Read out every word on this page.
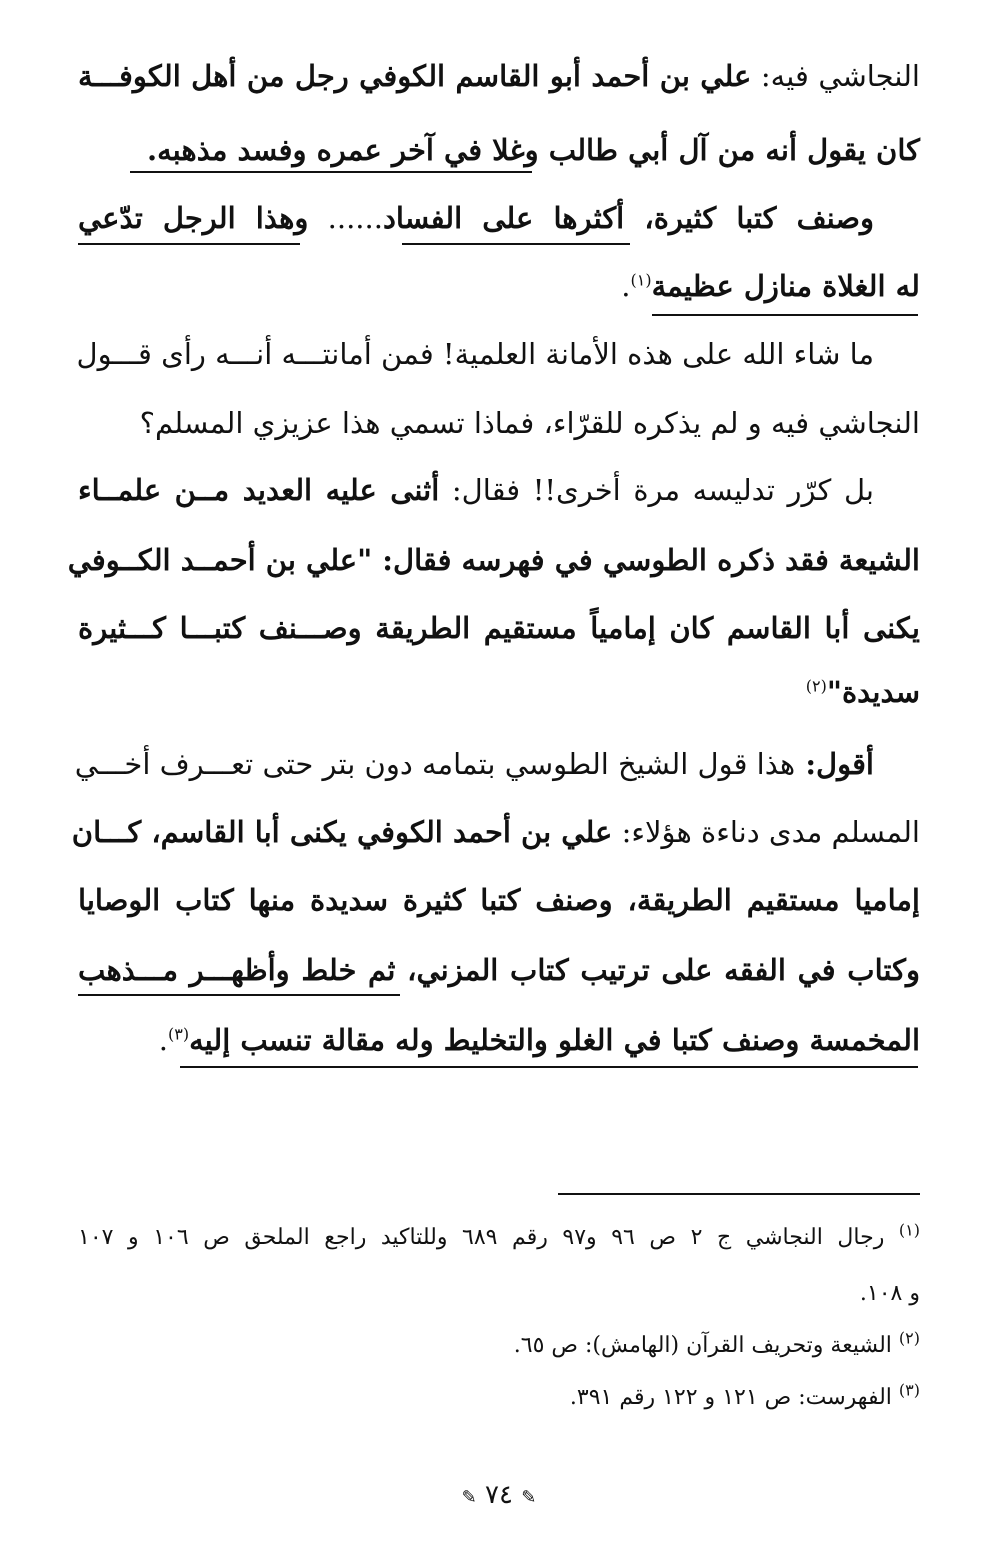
النجاشي فيه: علي بن أحمد أبو القاسم الكوفي رجل من أهل الكوفـــة
كان يقول أنه من آل أبي طالب وغلا في آخر عمره وفسد مذهبه.
وصنف كتبا كثيرة، أكثرها على الفساد...... وهذا الرجل تدّعي
له الغلاة منازل عظيمة$^{(١)}$.
ما شاء الله على هذه الأمانة العلمية! فمن أمانتـــه أنـــه رأى قـــول
النجاشي فيه و لم يذكره للقرّاء، فماذا تسمي هذا عزيزي المسلم؟
بل كرّر تدليسه مرة أخرى!! فقال: أثنى عليه العديد مــن علمــاء
الشيعة فقد ذكره الطوسي في فهرسه فقال: "علي بن أحمــد الكــوفي
يكنى أبا القاسم كان إمامياً مستقيم الطريقة وصـــنف كتبـــا كـــثيرة
سديدة"$^{(٢)}$
أقول: هذا قول الشيخ الطوسي بتمامه دون بتر حتى تعـــرف أخـــي
المسلم مدى دناءة هؤلاء: علي بن أحمد الكوفي يكنى أبا القاسم، كـــان
إماميا مستقيم الطريقة، وصنف كتبا كثيرة سديدة منها كتاب الوصايا
وكتاب في الفقه على ترتيب كتاب المزني، ثم خلط وأظهـــر مـــذهب
المخمسة وصنف كتبا في الغلو والتخليط وله مقالة تنسب إليه$^{(٣)}$.
$^{(١)}$ رجال النجاشي ج ٢ ص ٩٦ و٩٧ رقم ٦٨٩ وللتاكيد راجع الملحق ص ١٠٦ و ١٠٧
و ١٠٨.
$^{(٢)}$ الشيعة وتحريف القرآن (الهامش): ص ٦٥.
$^{(٣)}$ الفهرست: ص ١٢١ و ١٢٢ رقم ٣٩١.
✎ ٧٤ ✎
